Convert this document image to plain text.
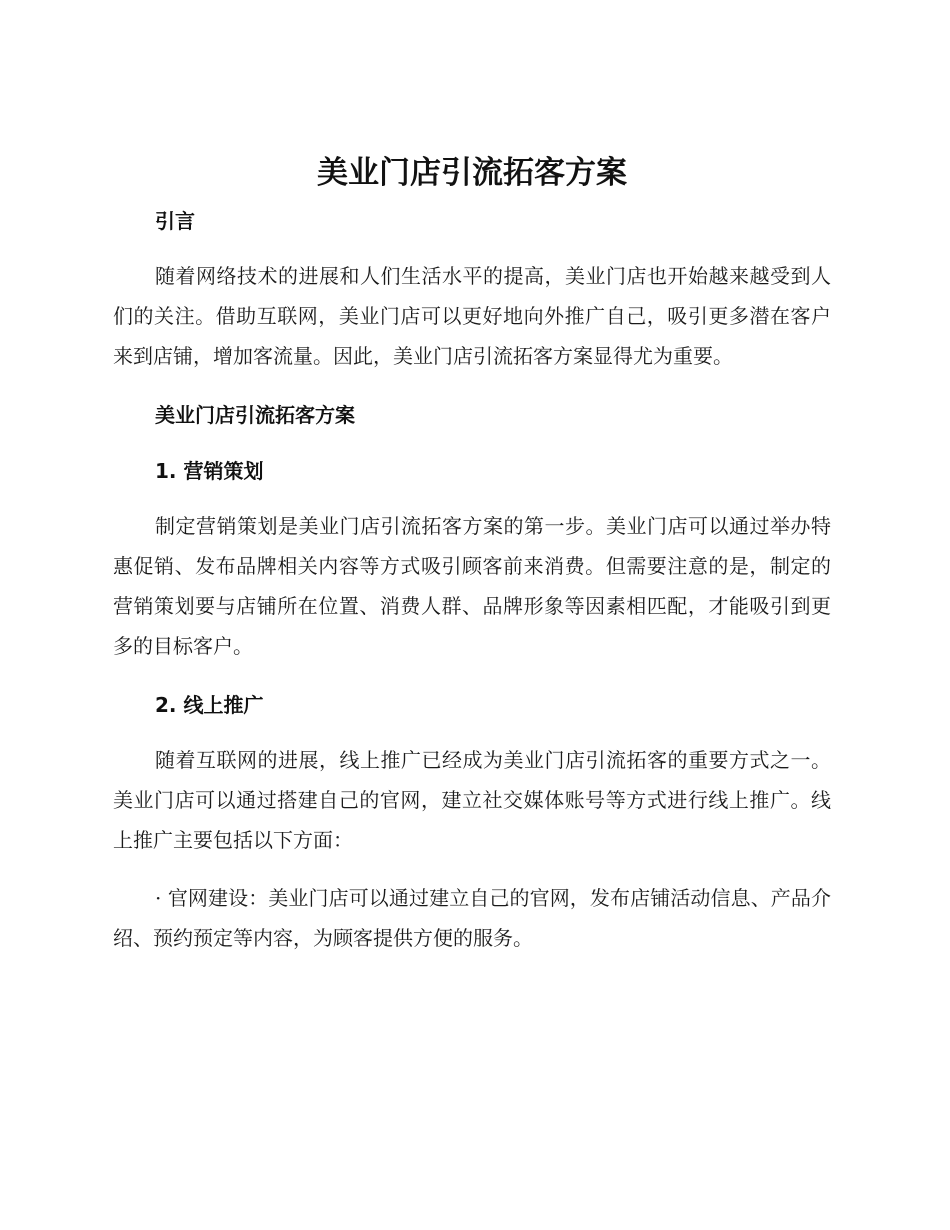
美业门店引流拓客方案
引言

随着网络技术的进展和人们生活水平的提高，美业门店也开始越来越受到人们的关注。借助互联网，美业门店可以更好地向外推广自己，吸引更多潜在客户来到店铺，增加客流量。因此，美业门店引流拓客方案显得尤为重要。

美业门店引流拓客方案
1. 营销策划

制定营销策划是美业门店引流拓客方案的第一步。美业门店可以通过举办特惠促销、发布品牌相关内容等方式吸引顾客前来消费。但需要注意的是，制定的营销策划要与店铺所在位置、消费人群、品牌形象等因素相匹配，才能吸引到更多的目标客户。

2. 线上推广

随着互联网的进展，线上推广已经成为美业门店引流拓客的重要方式之一。美业门店可以通过搭建自己的官网，建立社交媒体账号等方式进行线上推广。线上推广主要包括以下方面：

· 官网建设：美业门店可以通过建立自己的官网，发布店铺活动信息、产品介绍、预约预定等内容，为顾客提供方便的服务。
